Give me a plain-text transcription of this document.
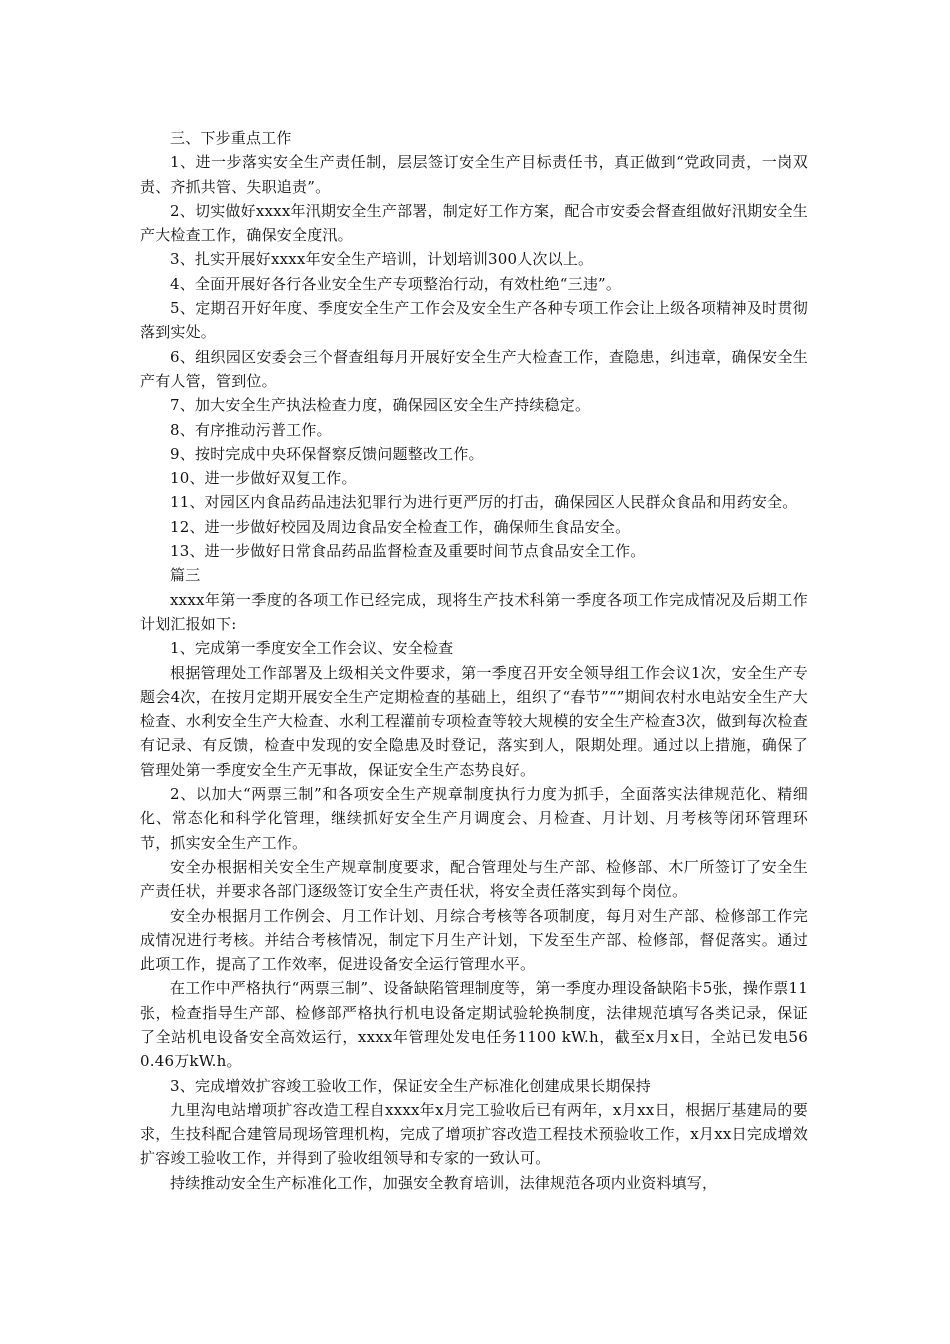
三、下步重点工作

1、进一步落实安全生产责任制，层层签订安全生产目标责任书，真正做到“党政同责，一岗双责、齐抓共管、失职追责”。

2、切实做好xxxx年汛期安全生产部署，制定好工作方案，配合市安委会督查组做好汛期安全生产大检查工作，确保安全度汛。

3、扎实开展好xxxx年安全生产培训，计划培训300人次以上。

4、全面开展好各行各业安全生产专项整治行动，有效杜绝“三违”。

5、定期召开好年度、季度安全生产工作会及安全生产各种专项工作会让上级各项精神及时贯彻落到实处。

6、组织园区安委会三个督查组每月开展好安全生产大检查工作，查隐患，纠违章，确保安全生产有人管，管到位。

7、加大安全生产执法检查力度，确保园区安全生产持续稳定。

8、有序推动污普工作。

9、按时完成中央环保督察反馈问题整改工作。

10、进一步做好双复工作。

11、对园区内食品药品违法犯罪行为进行更严厉的打击，确保园区人民群众食品和用药安全。

12、进一步做好校园及周边食品安全检查工作，确保师生食品安全。

13、进一步做好日常食品药品监督检查及重要时间节点食品安全工作。

篇三

xxxx年第一季度的各项工作已经完成，现将生产技术科第一季度各项工作完成情况及后期工作计划汇报如下:

1、完成第一季度安全工作会议、安全检查

根据管理处工作部署及上级相关文件要求，第一季度召开安全领导组工作会议1次，安全生产专题会4次，在按月定期开展安全生产定期检查的基础上，组织了“春节”“”期间农村水电站安全生产大检查、水利安全生产大检查、水利工程灌前专项检查等较大规模的安全生产检查3次，做到每次检查有记录、有反馈，检查中发现的安全隐患及时登记，落实到人，限期处理。通过以上措施，确保了管理处第一季度安全生产无事故，保证安全生产态势良好。

2、以加大“两票三制”和各项安全生产规章制度执行力度为抓手，全面落实法律规范化、精细化、常态化和科学化管理，继续抓好安全生产月调度会、月检查、月计划、月考核等闭环管理环节，抓实安全生产工作。

安全办根据相关安全生产规章制度要求，配合管理处与生产部、检修部、木厂所签订了安全生产责任状，并要求各部门逐级签订安全生产责任状，将安全责任落实到每个岗位。

安全办根据月工作例会、月工作计划、月综合考核等各项制度，每月对生产部、检修部工作完成情况进行考核。并结合考核情况，制定下月生产计划，下发至生产部、检修部，督促落实。通过此项工作，提高了工作效率，促进设备安全运行管理水平。

在工作中严格执行“两票三制”、设备缺陷管理制度等，第一季度办理设备缺陷卡5张，操作票11张，检查指导生产部、检修部严格执行机电设备定期试验轮换制度，法律规范填写各类记录，保证了全站机电设备安全高效运行，xxxx年管理处发电任务1100 kW.h，截至x月x日，全站已发电560.46万kW.h。

3、完成增效扩容竣工验收工作，保证安全生产标准化创建成果长期保持

九里沟电站增项扩容改造工程自xxxx年x月完工验收后已有两年，x月xx日，根据厅基建局的要求，生技科配合建管局现场管理机构，完成了增项扩容改造工程技术预验收工作，x月xx日完成增效扩容竣工验收工作，并得到了验收组领导和专家的一致认可。

持续推动安全生产标准化工作，加强安全教育培训，法律规范各项内业资料填写，
